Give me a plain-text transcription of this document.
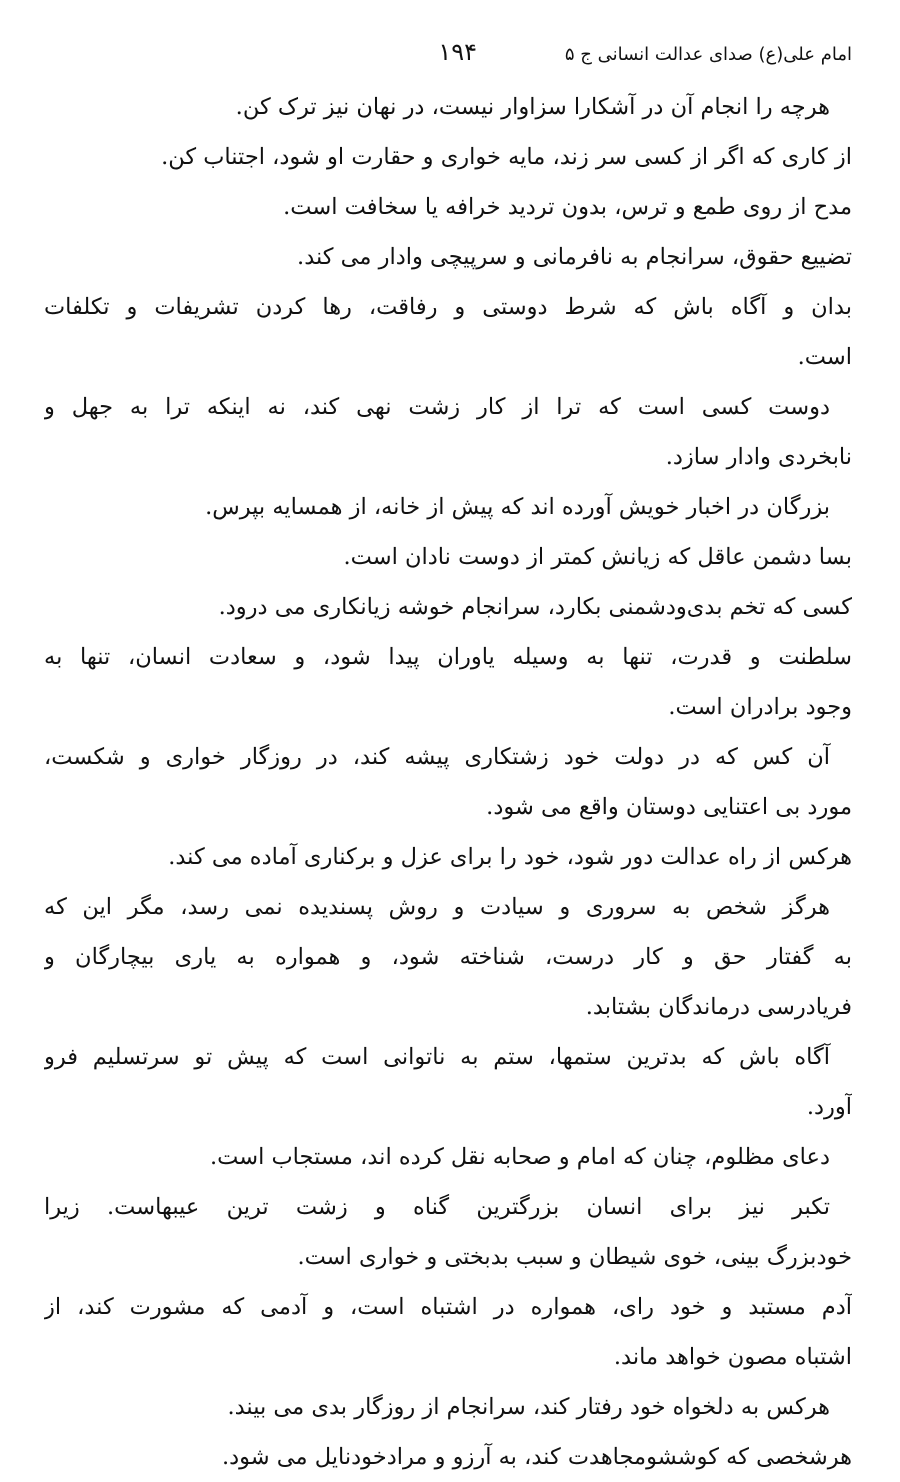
امام علی(ع) صدای عدالت انسانی ج ۵
۱۹۴
هرچه را انجام آن در آشکارا سزاوار نیست، در نهان نیز ترک کن.
از کاری که اگر از کسی سر زند، مایه خواری و حقارت او شود، اجتناب کن.
مدح از روی طمع و ترس، بدون تردید خرافه یا سخافت است.
تضییع حقوق، سرانجام به نافرمانی و سرپیچی وادار می کند.
بدان و آگاه باش که شرط دوستی و رفاقت، رها کردن تشریفات و تکلفات
است.
دوست کسی است که ترا از کار زشت نهی کند، نه اینکه ترا به جهل و
نابخردی وادار سازد.
بزرگان در اخبار خویش آورده اند که پیش از خانه، از همسایه بپرس.
بسا دشمن عاقل که زیانش کمتر از دوست نادان است.
کسی که تخم بدی‌ودشمنی بکارد، سرانجام خوشه زیانکاری می درود.
سلطنت و قدرت، تنها به وسیله یاوران پیدا شود، و سعادت انسان، تنها به
وجود برادران است.
آن کس که در دولت خود زشتکاری پیشه کند، در روزگار خواری و شکست،
مورد بی اعتنایی دوستان واقع می شود.
هرکس از راه عدالت دور شود، خود را برای عزل و برکناری آماده می کند.
هرگز شخص به سروری و سیادت و روش پسندیده نمی رسد، مگر این که
به گفتار حق و کار درست، شناخته شود، و همواره به یاری بیچارگان و
فریادرسی درماندگان بشتابد.
آگاه باش که بدترین ستمها، ستم به ناتوانی است که پیش تو سرتسلیم فرو
آورد.
دعای مظلوم، چنان که امام و صحابه نقل کرده اند، مستجاب است.
تکبر نیز برای انسان بزرگترین گناه و زشت ترین عیبهاست. زیرا
خودبزرگ بینی، خوی شیطان و سبب بدبختی و خواری است.
آدم مستبد و خود رای، همواره در اشتباه است، و آدمی که مشورت کند، از
اشتباه مصون خواهد ماند.
هرکس به دلخواه خود رفتار کند، سرانجام از روزگار بدی می بیند.
هرشخصی که کوششومجاهدت کند، به آرزو و مرادخودنایل می شود.
